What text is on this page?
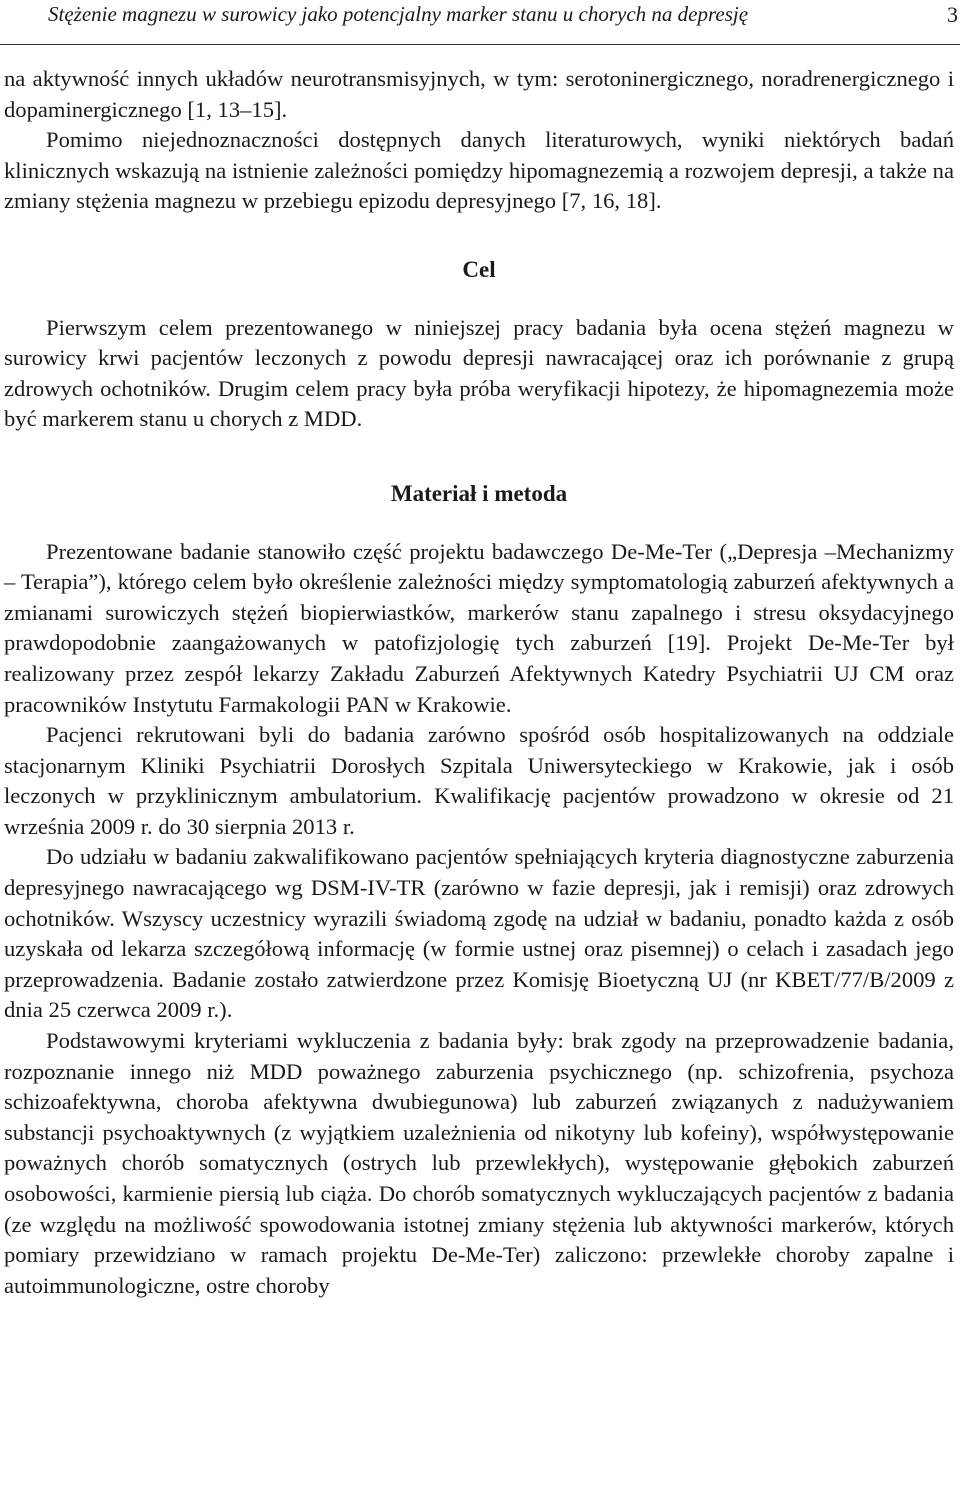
Stężenie magnezu w surowicy jako potencjalny marker stanu u chorych na depresję	3

na aktywność innych układów neurotransmisyjnych, w tym: serotoninergicznego, noradrenergicznego i dopaminergicznego [1, 13–15].

Pomimo niejednoznaczności dostępnych danych literaturowych, wyniki niektórych badań klinicznych wskazują na istnienie zależności pomiędzy hipomagnezemią a rozwojem depresji, a także na zmiany stężenia magnezu w przebiegu epizodu depresyjnego [7, 16, 18].

Cel

Pierwszym celem prezentowanego w niniejszej pracy badania była ocena stężeń magnezu w surowicy krwi pacjentów leczonych z powodu depresji nawracającej oraz ich porównanie z grupą zdrowych ochotników. Drugim celem pracy była próba weryfikacji hipotezy, że hipomagnezemia może być markerem stanu u chorych z MDD.

Materiał i metoda

Prezentowane badanie stanowiło część projektu badawczego De-Me-Ter („Depresja –Mechanizmy – Terapia”), którego celem było określenie zależności między symptomatologią zaburzeń afektywnych a zmianami surowiczych stężeń biopierwiastków, markerów stanu zapalnego i stresu oksydacyjnego prawdopodobnie zaangażowanych w patofizjologię tych zaburzeń [19]. Projekt De-Me-Ter był realizowany przez zespół lekarzy Zakładu Zaburzeń Afektywnych Katedry Psychiatrii UJ CM oraz pracowników Instytutu Farmakologii PAN w Krakowie.

Pacjenci rekrutowani byli do badania zarówno spośród osób hospitalizowanych na oddziale stacjonarnym Kliniki Psychiatrii Dorosłych Szpitala Uniwersyteckiego w Krakowie, jak i osób leczonych w przyklinicznym ambulatorium. Kwalifikację pacjentów prowadzono w okresie od 21 września 2009 r. do 30 sierpnia 2013 r.

Do udziału w badaniu zakwalifikowano pacjentów spełniających kryteria diagnostyczne zaburzenia depresyjnego nawracającego wg DSM-IV-TR (zarówno w fazie depresji, jak i remisji) oraz zdrowych ochotników. Wszyscy uczestnicy wyrazili świadomą zgodę na udział w badaniu, ponadto każda z osób uzyskała od lekarza szczegółową informację (w formie ustnej oraz pisemnej) o celach i zasadach jego przeprowadzenia. Badanie zostało zatwierdzone przez Komisję Bioetyczną UJ (nr KBET/77/B/2009 z dnia 25 czerwca 2009 r.).

Podstawowymi kryteriami wykluczenia z badania były: brak zgody na przeprowadzenie badania, rozpoznanie innego niż MDD poważnego zaburzenia psychicznego (np. schizofrenia, psychoza schizoafektywna, choroba afektywna dwubiegunowa) lub zaburzeń związanych z nadużywaniem substancji psychoaktywnych (z wyjątkiem uzależnienia od nikotyny lub kofeiny), współwystępowanie poważnych chorób somatycznych (ostrych lub przewlekłych), występowanie głębokich zaburzeń osobowości, karmienie piersią lub ciąża. Do chorób somatycznych wykluczających pacjentów z badania (ze względu na możliwość spowodowania istotnej zmiany stężenia lub aktywności markerów, których pomiary przewidziano w ramach projektu De-Me-Ter) zaliczono: przewlekłe choroby zapalne i autoimmunologiczne, ostre choroby
